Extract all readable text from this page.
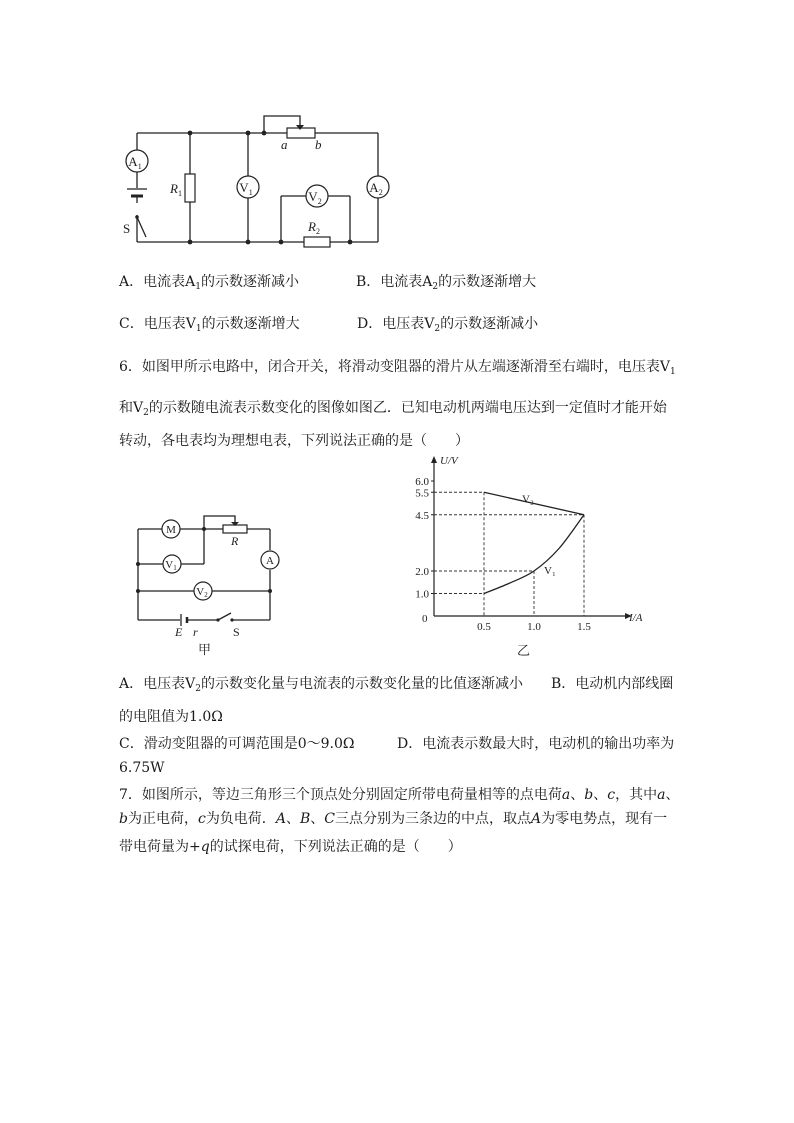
$A_1$
$V_1$	$V_2$
$A_2$
$R_1$
$R_2$
a b
S
A．电流表$A_1$的示数逐渐减小	B．电流表$A_2$的示数逐渐增大
C．电压表$V_1$的示数逐渐增大	D．电压表$V_2$的示数逐渐减小
6．如图甲所示电路中，闭合开关，将滑动变阻器的滑片从左端逐渐滑至右端时，电压表$V_1$
和$V_2$的示数随电流表示数变化的图像如图乙．已知电动机两端电压达到一定值时才能开始
转动，各电表均为理想电表，下列说法正确的是（　　）
M
V1
V2
A
R
E r	S
甲
1.0
2.0
4.5
5.5
6.0
0.5	1.0	1.5
U/V
I/A
0
乙
V₂
V₁
A．电压表$V_2$的示数变化量与电流表的示数变化量的比值逐渐减小 B．电动机内部线圈
的电阻值为1.0Ω
C．滑动变阻器的可调范围是0～9.0Ω	D．电流表示数最大时，电动机的输出功率为
6.75W
7．如图所示，等边三角形三个顶点处分别固定所带电荷量相等的点电荷a、b、c，其中a、
b为正电荷，c为负电荷．A、B、C三点分别为三条边的中点，取点A为零电势点，现有一
带电荷量为+q的试探电荷，下列说法正确的是（　　）
